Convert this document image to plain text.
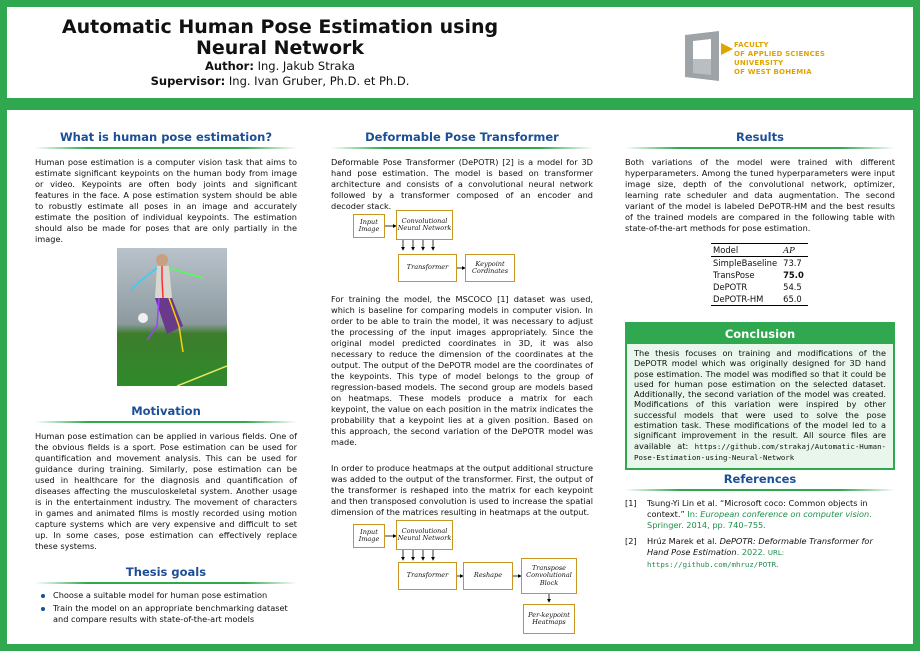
Automatic Human Pose Estimation using
Neural Network
Author: Ing. Jakub Straka
Supervisor: Ing. Ivan Gruber, Ph.D. et Ph.D.
FACULTY
OF APPLIED SCIENCES
UNIVERSITY
OF WEST BOHEMIA
What is human pose estimation?
Human pose estimation is a computer vision task that aims to estimate significant keypoints on the human body from image or video. Keypoints are often body joints and significant features in the face. A pose estimation system should be able to robustly estimate all poses in an image and accurately estimate the position of individual keypoints. The estimation should also be made for poses that are only partially in the image.
Motivation
Human pose estimation can be applied in various fields. One of the obvious fields is a sport. Pose estimation can be used for quantification and movement analysis. This can be used for guidance during training. Similarly, pose estimation can be used in healthcare for the diagnosis and quantification of diseases affecting the musculoskeletal system. Another usage is in the entertainment industry. The movement of characters in games and animated films is mostly recorded using motion capture systems which are very expensive and difficult to set up. In some cases, pose estimation can effectively replace these systems.
Thesis goals
Choose a suitable model for human pose estimation
Train the model on an appropriate benchmarking dataset and compare results with state-of-the-art models
Deformable Pose Transformer
Deformable Pose Transformer (DePOTR) [2] is a model for 3D hand pose estimation. The model is based on transformer architecture and consists of a convolutional neural network followed by a transformer composed of an encoder and decoder stack.
Input Image
Convolutional Neural Network
Transformer	Keypoint Cordinates
For training the model, the MSCOCO [1] dataset was used, which is baseline for comparing models in computer vision. In order to be able to train the model, it was necessary to adjust the processing of the input images appropriately. Since the original model predicted coordinates in 3D, it was also necessary to reduce the dimension of the coordinates at the output. The output of the DePOTR model are the coordinates of the keypoints. This type of model belongs to the group of regression-based models. The second group are models based on heatmaps. These models produce a matrix for each keypoint, the value on each position in the matrix indicates the probability that a keypoint lies at a given position. Based on this approach, the second variation of the DePOTR model was made.
In order to produce heatmaps at the output additional structure was added to the output of the transformer. First, the output of the transformer is reshaped into the matrix for each keypoint and then transposed convolution is used to increase the spatial dimension of the matrices resulting in heatmaps at the output.
Input Image
Convolutional Neural Network
Transformer	Reshape
Transpose Convolutional Block
Per-keypoint Heatmaps
Results
Both variations of the model were trained with different hyperparameters. Among the tuned hyperparameters were input image size, depth of the convolutional network, optimizer, learning rate scheduler and data augmentation. The second variant of the model is labeled DePOTR-HM and the best results of the trained models are compared in the following table with state-of-the-art methods for pose estimation.
Model	AP
SimpleBaseline	73.7
TransPose	75.0
DePOTR	54.5
DePOTR-HM	65.0
Conclusion
The thesis focuses on training and modifications of the DePOTR model which was originally designed for 3D hand pose estimation. The model was modified so that it could be used for human pose estimation on the selected dataset. Additionally, the second variation of the model was created. Modifications of this variation were inspired by other successful models that were used to solve the pose estimation task. These modifications of the model led to a significant improvement in the result. All source files are available at: https://github.com/strakaj/Automatic-Human-Pose-Estimation-using-Neural-Network
References
[1] Tsung-Yi Lin et al. “Microsoft coco: Common objects in context.” In: European conference on computer vision. Springer. 2014, pp. 740–755.
[2] Hrúz Marek et al. DePOTR: Deformable Transformer for Hand Pose Estimation. 2022. URL: https://github.com/mhruz/POTR.
